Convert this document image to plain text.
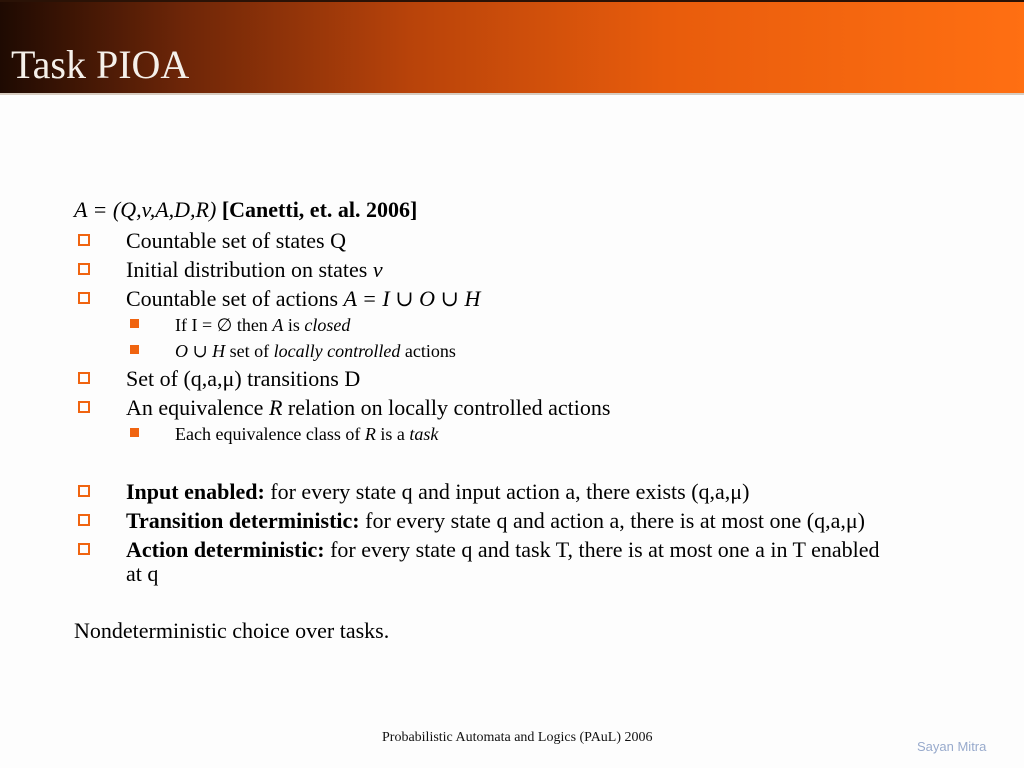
Task PIOA
A = (Q,v,A,D,R) [Canetti, et. al. 2006]
Countable set of states Q
Initial distribution on states v
Countable set of actions A = I ∪ O ∪ H
If I = ∅ then A is closed
O ∪ H set of locally controlled actions
Set of (q,a,μ) transitions D
An equivalence R relation on locally controlled actions
Each equivalence class of R is a task
Input enabled: for every state q and input action a, there exists (q,a,μ)
Transition deterministic: for every state q and action a, there is at most one (q,a,μ)
Action deterministic: for every state q and task T, there is at most one a in T enabled
at q
Nondeterministic choice over tasks.
Probabilistic Automata and Logics (PAuL) 2006
Sayan Mitra
